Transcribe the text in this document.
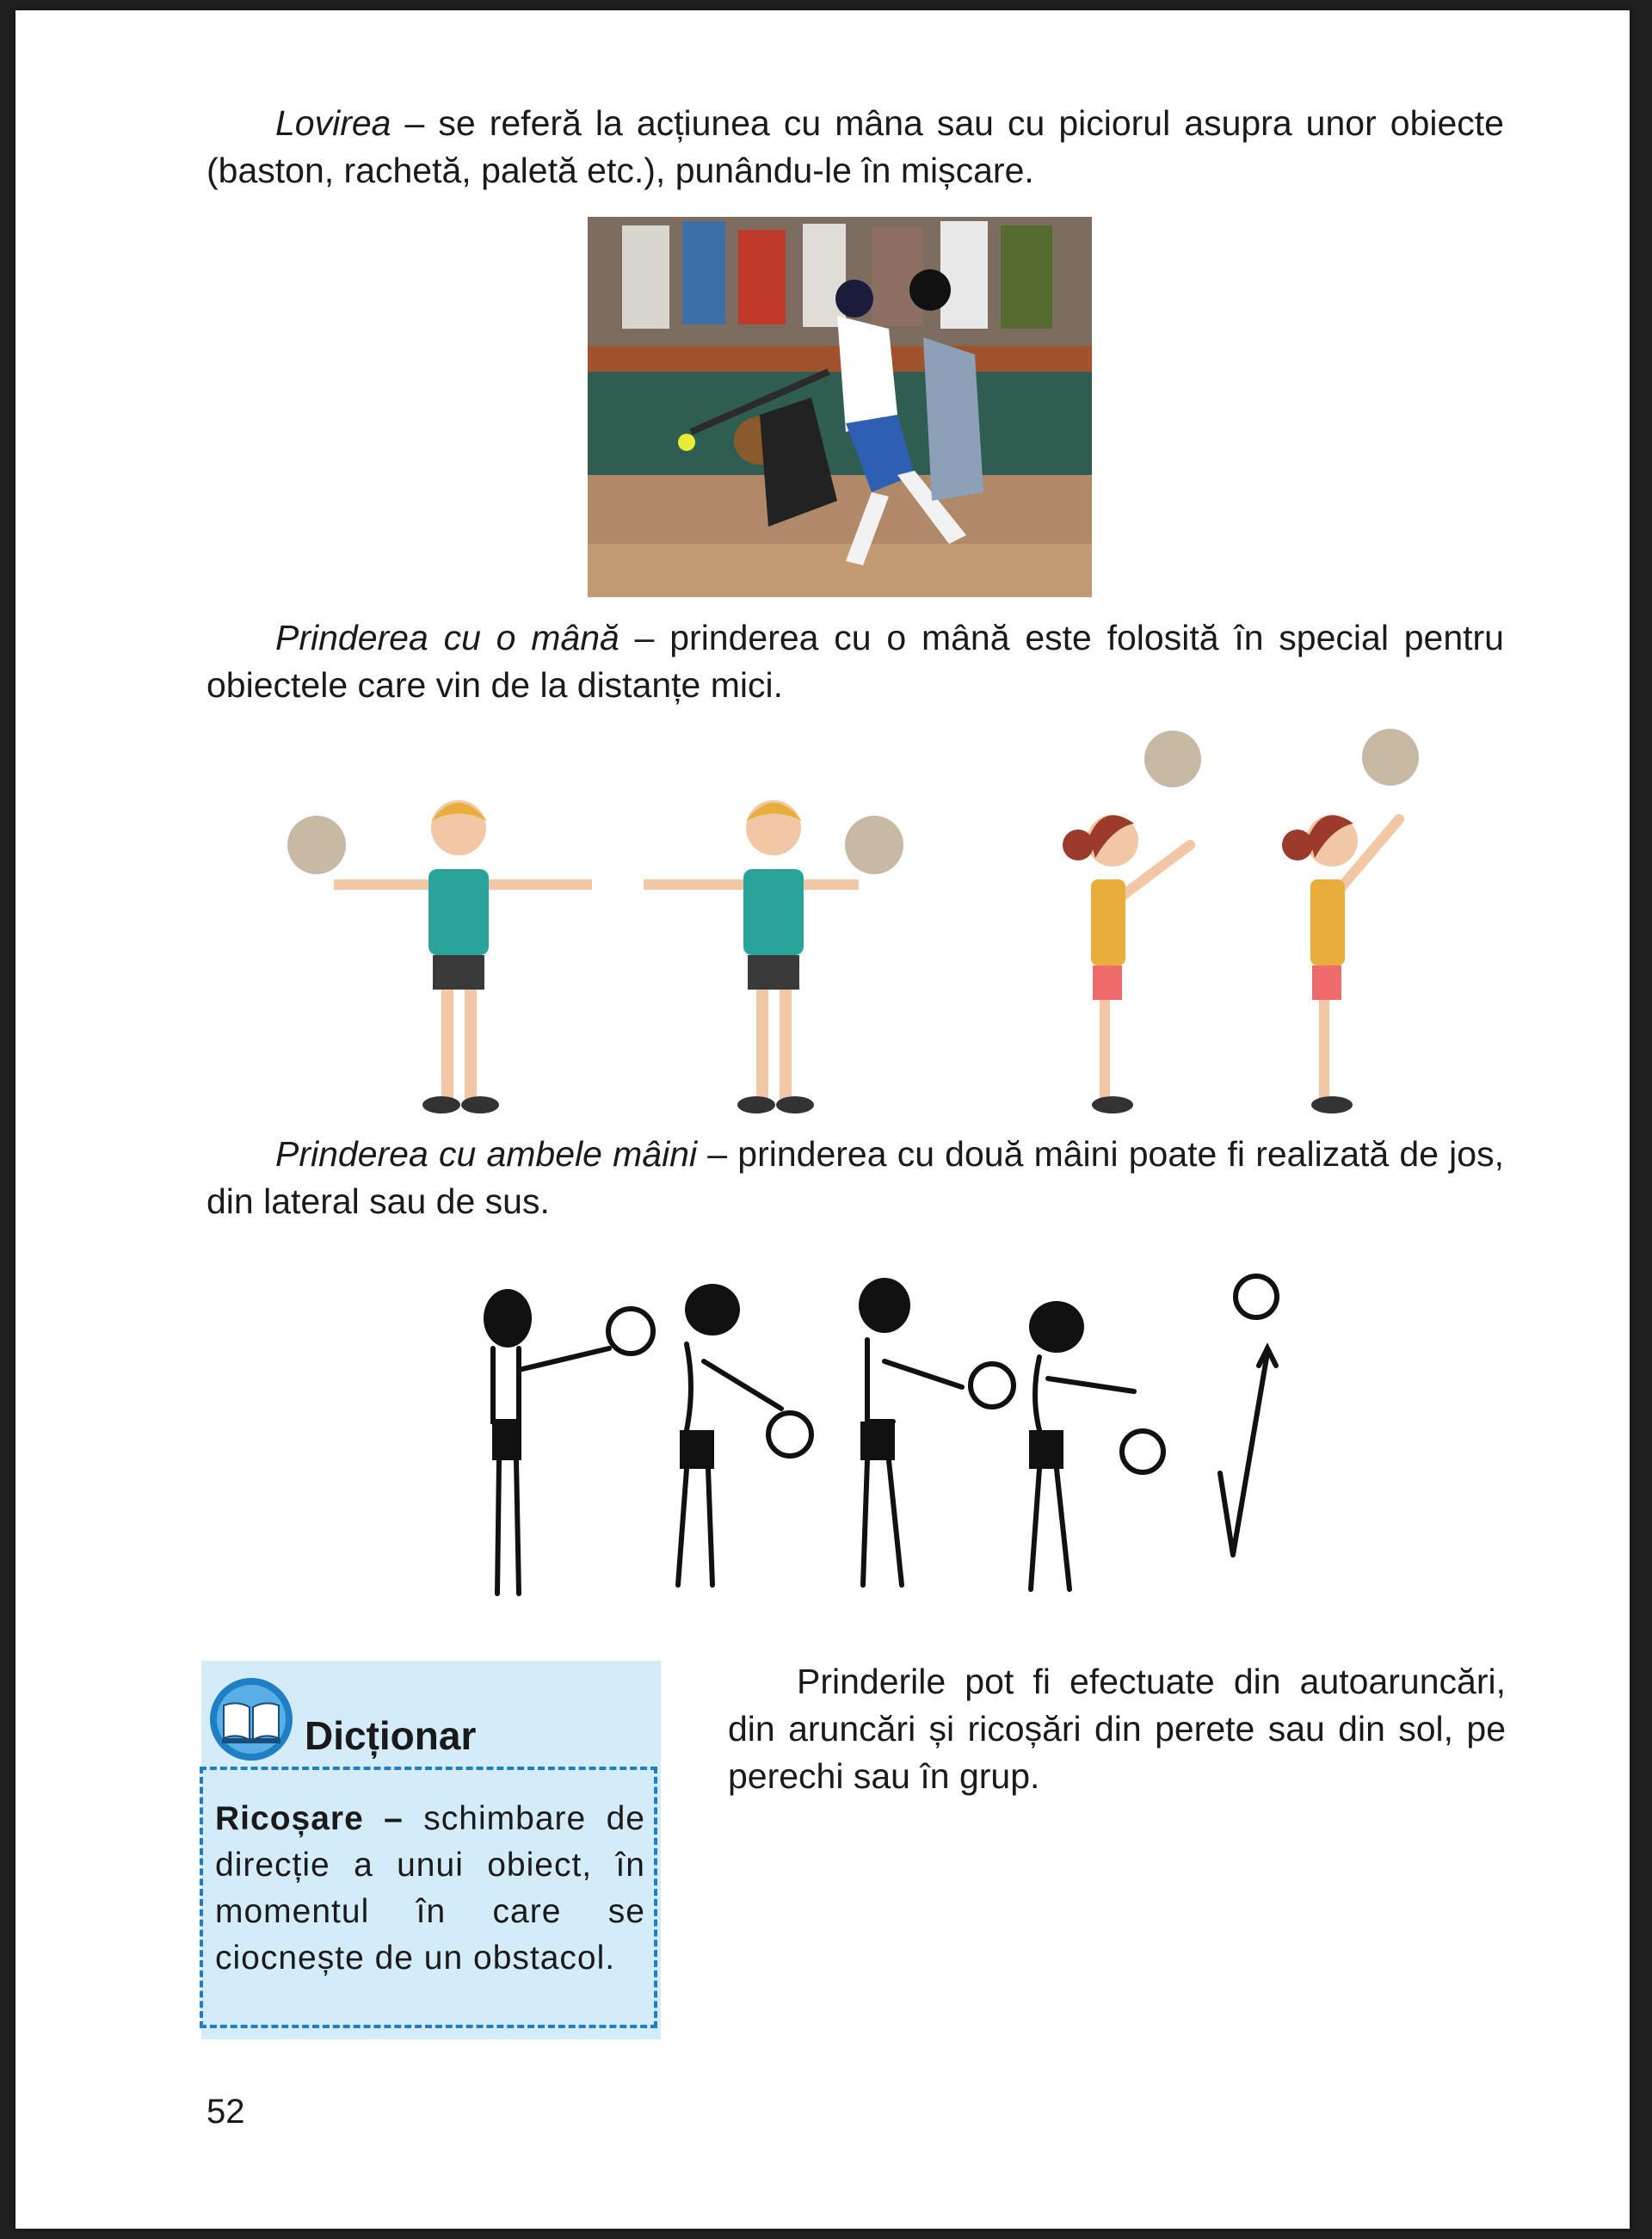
Lovirea – se referă la acțiunea cu mâna sau cu piciorul asupra unor obiecte (baston, rachetă, paletă etc.), punându-le în mișcare.

Prinderea cu o mână – prinderea cu o mână este folosită în special pentru obiectele care vin de la distanțe mici.

Prinderea cu ambele mâini – prinderea cu două mâini poate fi realizată de jos, din lateral sau de sus.

Prinderile pot fi efectuate din autoaruncări, din aruncări și ricoșări din perete sau din sol, pe perechi sau în grup.

Dicționar
Ricoșare – schimbare de direcție a unui obiect, în momentul în care se ciocnește de un obstacol.
52
